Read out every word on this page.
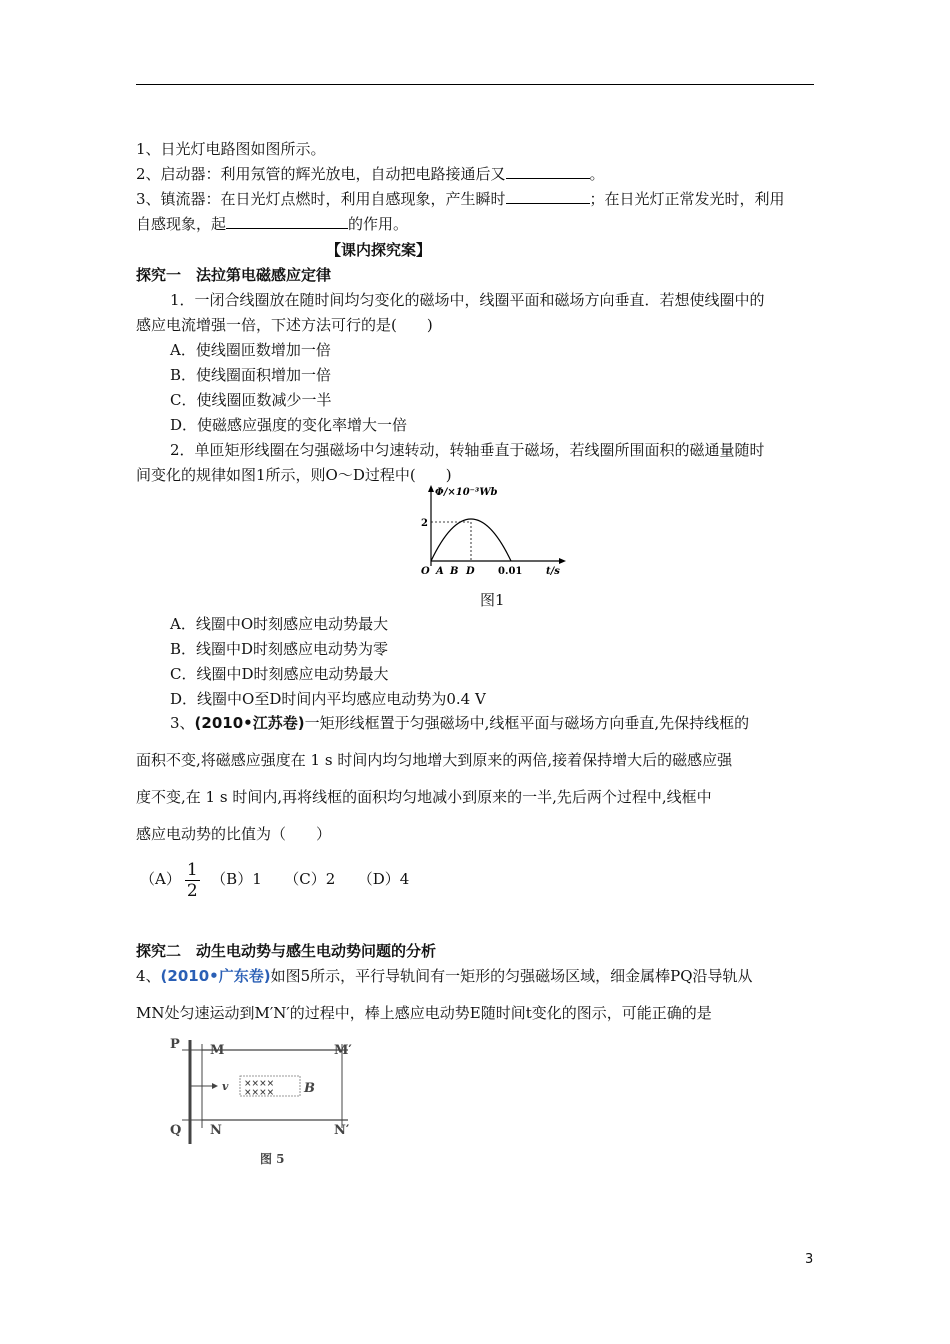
1、日光灯电路图如图所示。
2、启动器：利用氖管的辉光放电，自动把电路接通后又	。
3、镇流器：在日光灯点燃时，利用自感现象，产生瞬时	；在日光灯正常发光时，利用
自感现象，起	的作用。
【课内探究案】
探究一　法拉第电磁感应定律
1．一闭合线圈放在随时间均匀变化的磁场中，线圈平面和磁场方向垂直．若想使线圈中的
感应电流增强一倍，下述方法可行的是(　　)
A．使线圈匝数增加一倍
B．使线圈面积增加一倍
C．使线圈匝数减少一半
D．使磁感应强度的变化率增大一倍
2．单匝矩形线圈在匀强磁场中匀速转动，转轴垂直于磁场，若线圈所围面积的磁通量随时
间变化的规律如图1所示，则O～D过程中(　　)
Φ/×10⁻³Wb
2
O A B D 0.01 t/s
图1
A．线圈中O时刻感应电动势最大
B．线圈中D时刻感应电动势为零
C．线圈中D时刻感应电动势最大
D．线圈中O至D时间内平均感应电动势为0.4 V
3、(2010•江苏卷)一矩形线框置于匀强磁场中,线框平面与磁场方向垂直,先保持线框的
面积不变,将磁感应强度在 1 s 时间内均匀地增大到原来的两倍,接着保持增大后的磁感应强
度不变,在 1 s 时间内,再将线框的面积均匀地减小到原来的一半,先后两个过程中,线框中
感应电动势的比值为（　　）
$(A) \frac{1}{2}$ 　（B）1　　（C）2　　（D）4
探究二　动生电动势与感生电动势问题的分析
4、(2010•广东卷)如图5所示，平行导轨间有一矩形的匀强磁场区域，细金属棒PQ沿导轨从
MN处匀速运动到M′N′的过程中，棒上感应电动势E随时间t变化的图示，可能正确的是
××××
××××
P M	M′
Q N	N′
v	B
图 5
3
